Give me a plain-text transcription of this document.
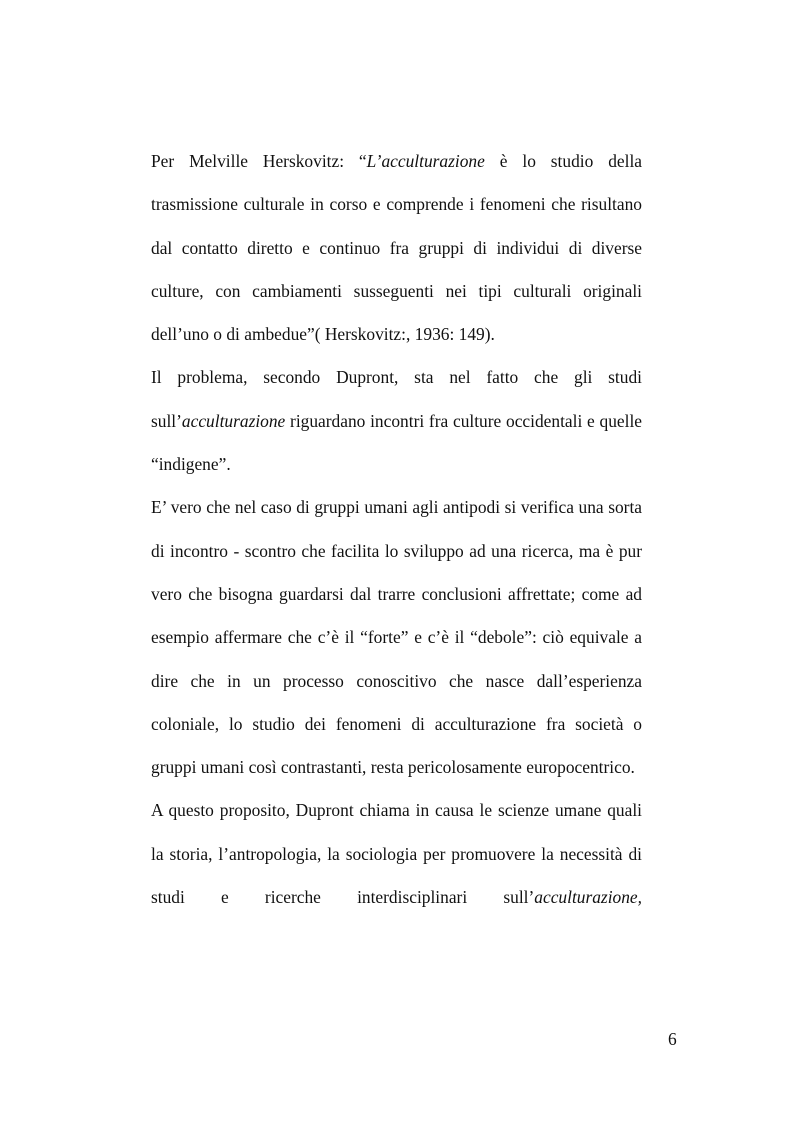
Per Melville Herskovitz: “L’acculturazione è lo studio della trasmissione culturale in corso e comprende i fenomeni che risultano dal contatto diretto e continuo fra gruppi di individui di diverse culture, con cambiamenti susseguenti nei tipi culturali originali dell’uno o di ambedue”( Herskovitz:, 1936: 149).

Il problema, secondo Dupront, sta nel fatto che gli studi sull’acculturazione riguardano incontri fra culture occidentali e quelle “indigene”.

E’ vero che nel caso di gruppi umani agli antipodi si verifica una sorta di incontro - scontro che facilita lo sviluppo ad una ricerca, ma è pur vero che bisogna guardarsi dal trarre conclusioni affrettate; come ad esempio affermare che c’è il “forte” e c’è il “debole”: ciò equivale a dire che in un processo conoscitivo che nasce dall’esperienza coloniale, lo studio dei fenomeni di acculturazione fra società o gruppi umani così contrastanti, resta pericolosamente europocentrico.

A questo proposito, Dupront chiama in causa le scienze umane quali la storia, l’antropologia, la sociologia per promuovere la necessità di studi e ricerche interdisciplinari sull’acculturazione,

6
